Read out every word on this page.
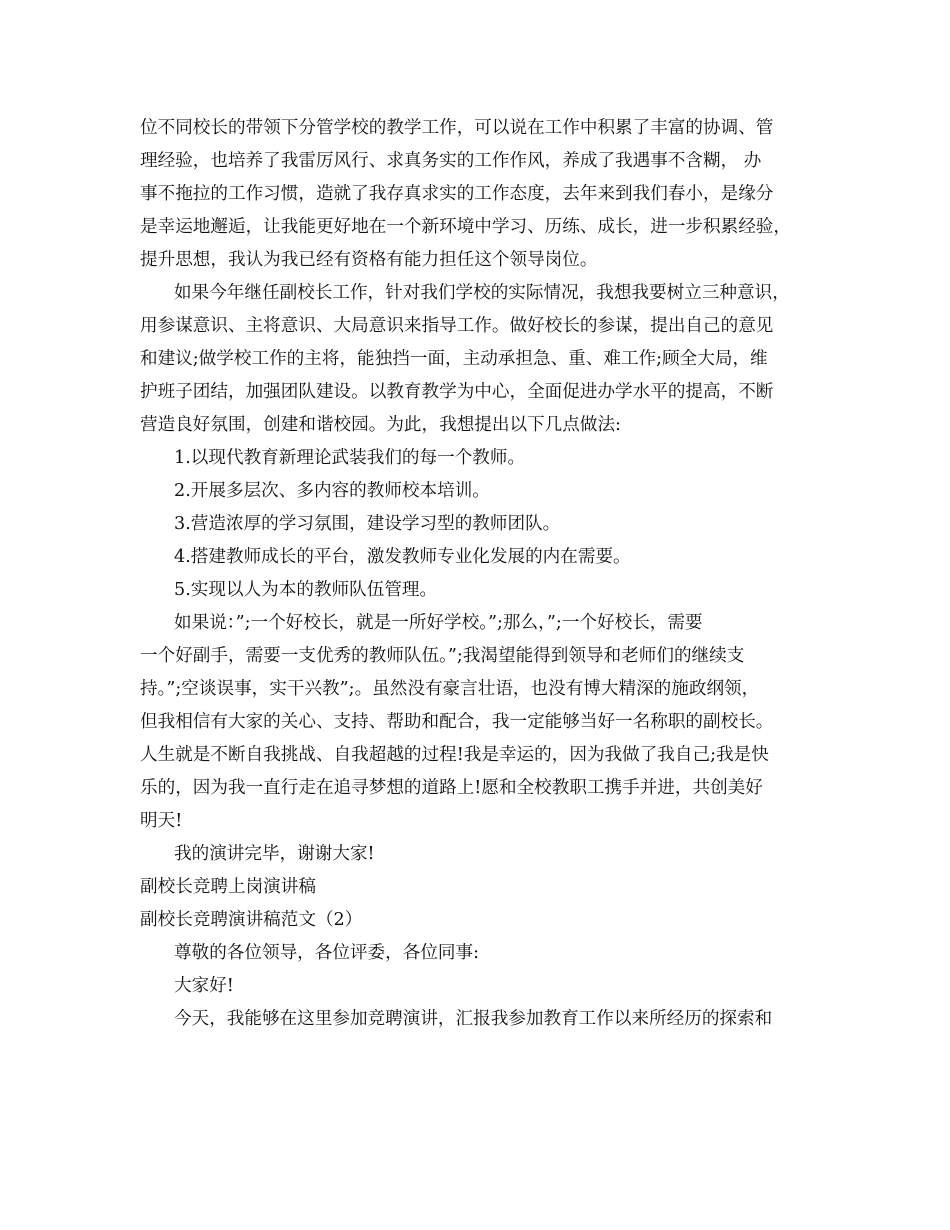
位不同校长的带领下分管学校的教学工作，可以说在工作中积累了丰富的协调、管
理经验，也培养了我雷厉风行、求真务实的工作作风，养成了我遇事不含糊， 办
事不拖拉的工作习惯，造就了我存真求实的工作态度，去年来到我们春小，是缘分
是幸运地邂逅，让我能更好地在一个新环境中学习、历练、成长，进一步积累经验，
提升思想，我认为我已经有资格有能力担任这个领导岗位。
如果今年继任副校长工作，针对我们学校的实际情况，我想我要树立三种意识，
用参谋意识、主将意识、大局意识来指导工作。做好校长的参谋，提出自己的意见
和建议;做学校工作的主将，能独挡一面，主动承担急、重、难工作;顾全大局，维
护班子团结，加强团队建设。以教育教学为中心，全面促进办学水平的提高，不断
营造良好氛围，创建和谐校园。为此，我想提出以下几点做法:
1.以现代教育新理论武装我们的每一个教师。
2.开展多层次、多内容的教师校本培训。
3.营造浓厚的学习氛围，建设学习型的教师团队。
4.搭建教师成长的平台，激发教师专业化发展的内在需要。
5.实现以人为本的教师队伍管理。
如果说：”;一个好校长，就是一所好学校。”;那么，”;一个好校长，需要
一个好副手，需要一支优秀的教师队伍。”;我渴望能得到领导和老师们的继续支
持。”;空谈误事，实干兴教”;。虽然没有豪言壮语，也没有博大精深的施政纲领，
但我相信有大家的关心、支持、帮助和配合，我一定能够当好一名称职的副校长。
人生就是不断自我挑战、自我超越的过程!我是幸运的，因为我做了我自己;我是快
乐的，因为我一直行走在追寻梦想的道路上!愿和全校教职工携手并进，共创美好
明天!
我的演讲完毕，谢谢大家!
副校长竞聘上岗演讲稿
副校长竞聘演讲稿范文（2）
尊敬的各位领导，各位评委，各位同事:
大家好!
今天，我能够在这里参加竞聘演讲，汇报我参加教育工作以来所经历的探索和
